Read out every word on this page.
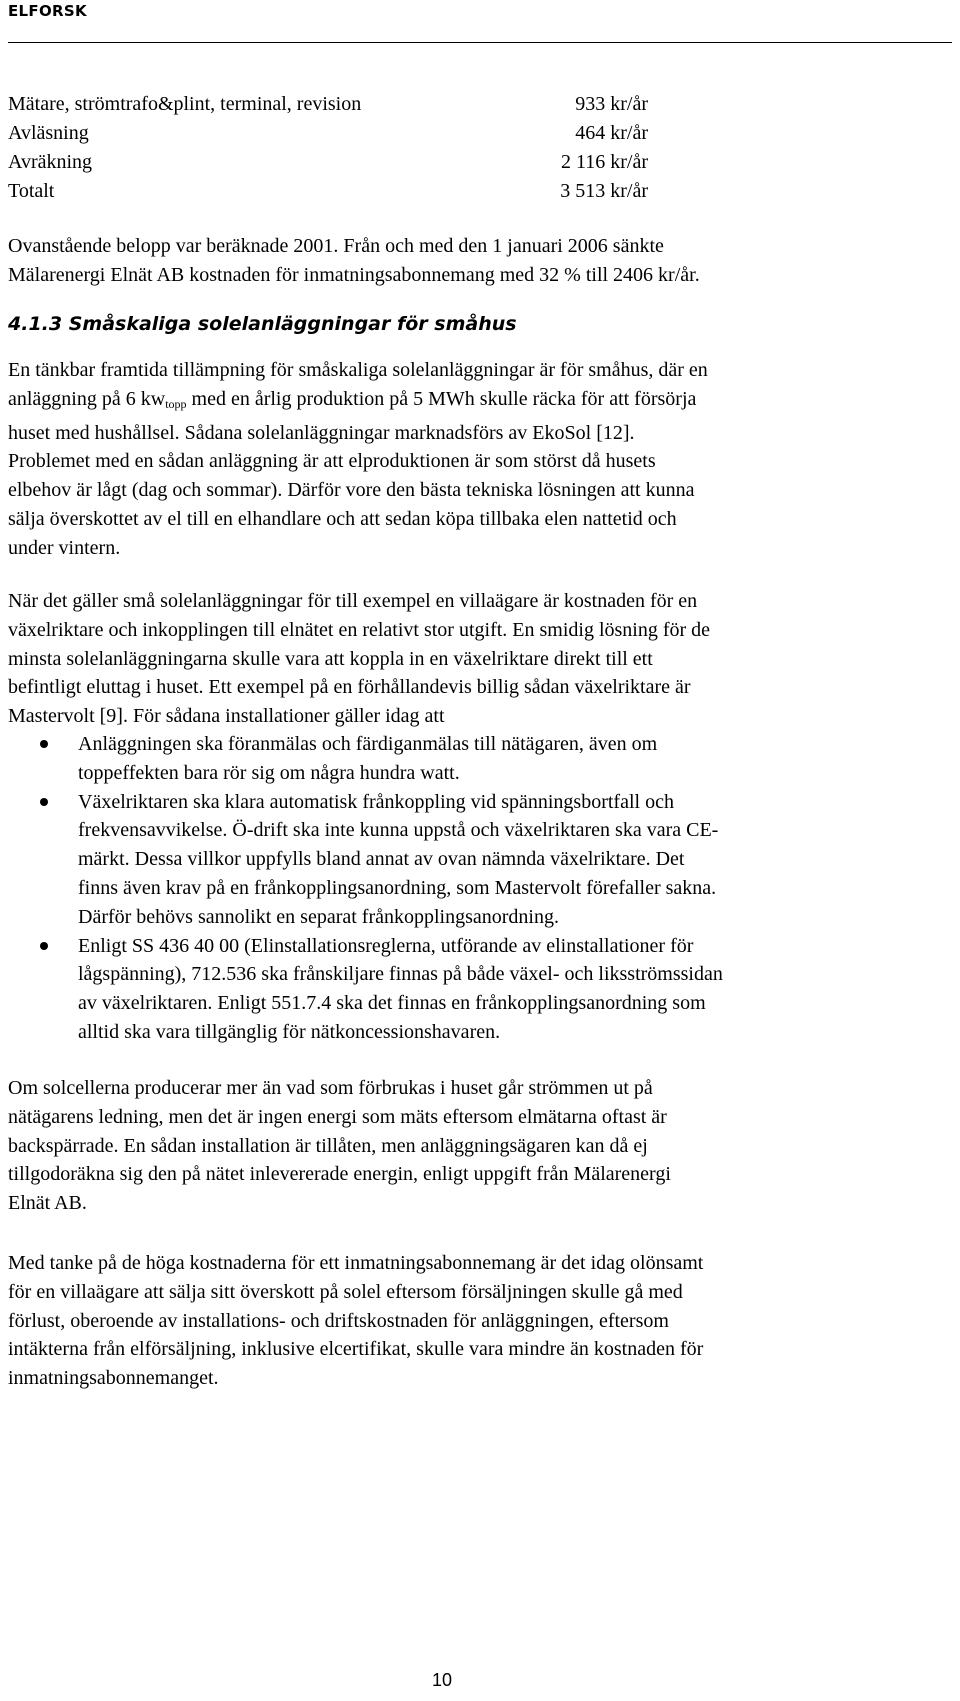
ELFORSK
Mätare, strömtrafo&plint, terminal, revision	933 kr/år
Avläsning	464 kr/år
Avräkning	2 116 kr/år
Totalt	3 513 kr/år
Ovanstående belopp var beräknade 2001. Från och med den 1 januari 2006 sänkte
Mälarenergi Elnät AB kostnaden för inmatningsabonnemang med 32 % till 2406 kr/år.
4.1.3 Småskaliga solelanläggningar för småhus
En tänkbar framtida tillämpning för småskaliga solelanläggningar är för småhus, där en
anläggning på 6 $kw_{topp}$ med en årlig produktion på 5 MWh skulle räcka för att försörja
huset med hushållsel. Sådana solelanläggningar marknadsförs av EkoSol [12].
Problemet med en sådan anläggning är att elproduktionen är som störst då husets
elbehov är lågt (dag och sommar). Därför vore den bästa tekniska lösningen att kunna
sälja överskottet av el till en elhandlare och att sedan köpa tillbaka elen nattetid och
under vintern.
När det gäller små solelanläggningar för till exempel en villaägare är kostnaden för en
växelriktare och inkopplingen till elnätet en relativt stor utgift. En smidig lösning för de
minsta solelanläggningarna skulle vara att koppla in en växelriktare direkt till ett
befintligt eluttag i huset. Ett exempel på en förhållandevis billig sådan växelriktare är
Mastervolt [9]. För sådana installationer gäller idag att
Anläggningen ska föranmälas och färdiganmälas till nätägaren, även om
toppeffekten bara rör sig om några hundra watt.
Växelriktaren ska klara automatisk frånkoppling vid spänningsbortfall och
frekvensavvikelse. Ö-drift ska inte kunna uppstå och växelriktaren ska vara CE-
märkt. Dessa villkor uppfylls bland annat av ovan nämnda växelriktare. Det
finns även krav på en frånkopplingsanordning, som Mastervolt förefaller sakna.
Därför behövs sannolikt en separat frånkopplingsanordning.
Enligt SS 436 40 00 (Elinstallationsreglerna, utförande av elinstallationer för
lågspänning), 712.536 ska frånskiljare finnas på både växel- och liksströmssidan
av växelriktaren. Enligt 551.7.4 ska det finnas en frånkopplingsanordning som
alltid ska vara tillgänglig för nätkoncessionshavaren.
Om solcellerna producerar mer än vad som förbrukas i huset går strömmen ut på
nätägarens ledning, men det är ingen energi som mäts eftersom elmätarna oftast är
backspärrade. En sådan installation är tillåten, men anläggningsägaren kan då ej
tillgodoräkna sig den på nätet inlevererade energin, enligt uppgift från Mälarenergi
Elnät AB.
Med tanke på de höga kostnaderna för ett inmatningsabonnemang är det idag olönsamt
för en villaägare att sälja sitt överskott på solel eftersom försäljningen skulle gå med
förlust, oberoende av installations- och driftskostnaden för anläggningen, eftersom
intäkterna från elförsäljning, inklusive elcertifikat, skulle vara mindre än kostnaden för
inmatningsabonnemanget.
10
